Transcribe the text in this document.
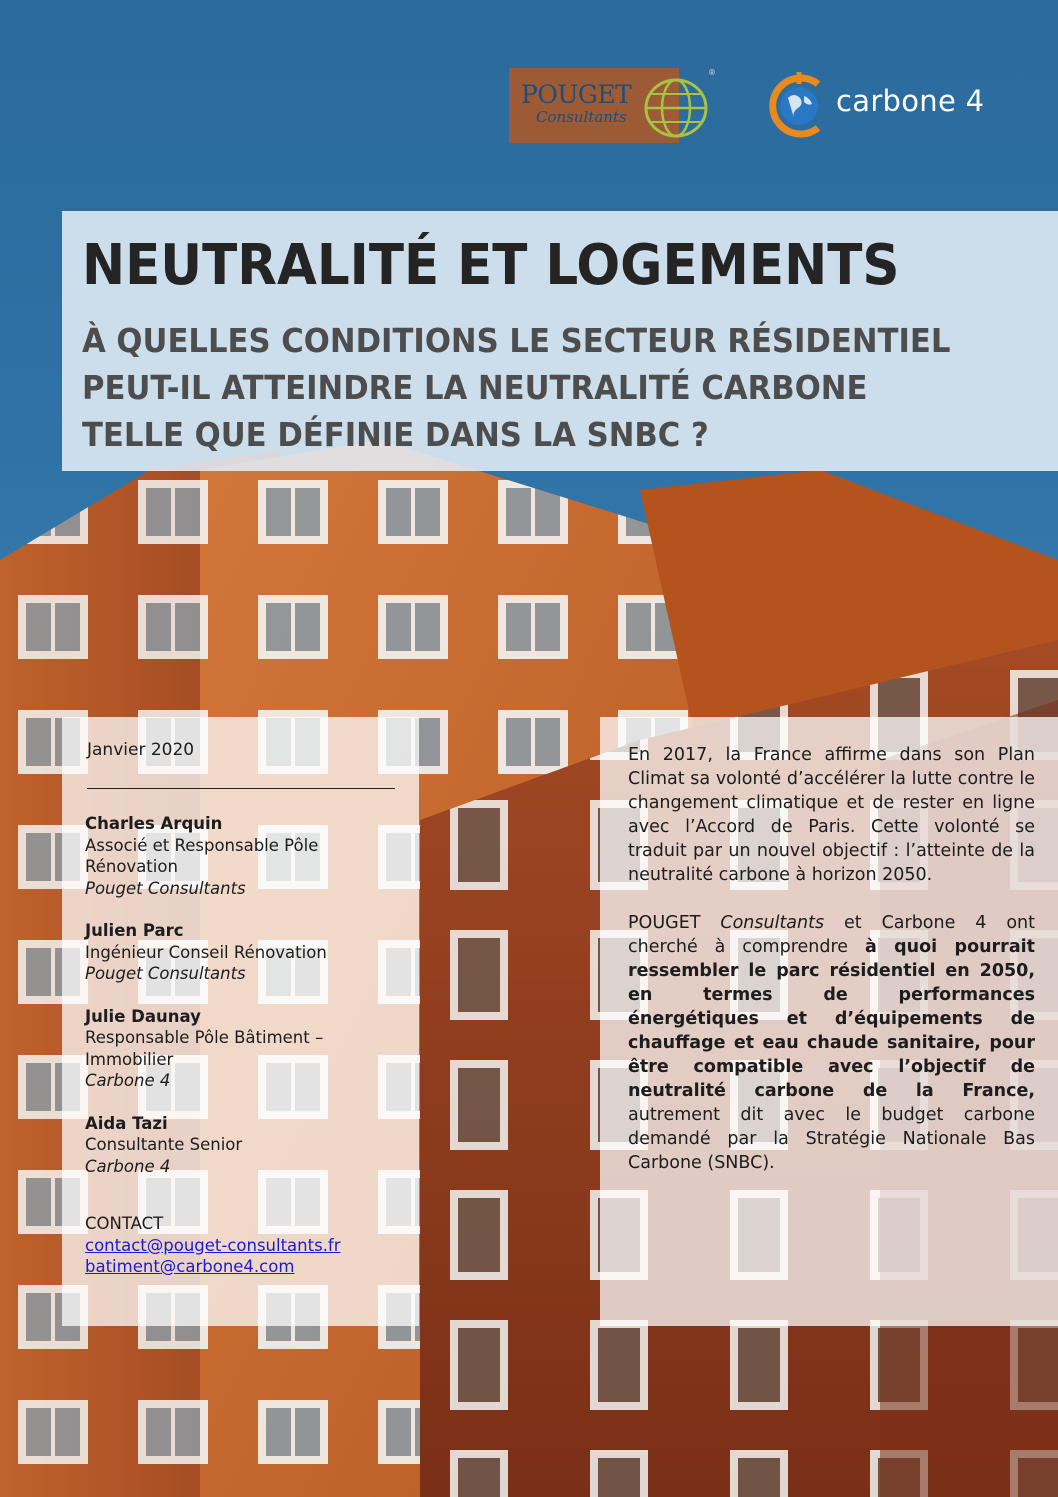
POUGET
Consultants
®
carbone 4
NEUTRALITÉ ET LOGEMENTS
À QUELLES CONDITIONS LE SECTEUR RÉSIDENTIEL
PEUT-IL ATTEINDRE LA NEUTRALITÉ CARBONE
TELLE QUE DÉFINIE DANS LA SNBC ?
Janvier 2020
Charles Arquin
Associé et Responsable Pôle Rénovation
Pouget Consultants
Julien Parc
Ingénieur Conseil Rénovation
Pouget Consultants
Julie Daunay
Responsable Pôle Bâtiment – Immobilier
Carbone 4
Aida Tazi
Consultante Senior
Carbone 4
CONTACT
contact@pouget-consultants.fr
batiment@carbone4.com

En 2017, la France affirme dans son Plan Climat sa volonté d’accélérer la lutte contre le changement climatique et de rester en ligne avec l’Accord de Paris. Cette volonté se traduit par un nouvel objectif : l’atteinte de la neutralité carbone à horizon 2050.

POUGET Consultants et Carbone 4 ont cherché à comprendre à quoi pourrait ressembler le parc résidentiel en 2050, en termes de performances énergétiques et d’équipements de chauffage et eau chaude sanitaire, pour être compatible avec l’objectif de neutralité carbone de la France, autrement dit avec le budget carbone demandé par la Stratégie Nationale Bas Carbone (SNBC).
